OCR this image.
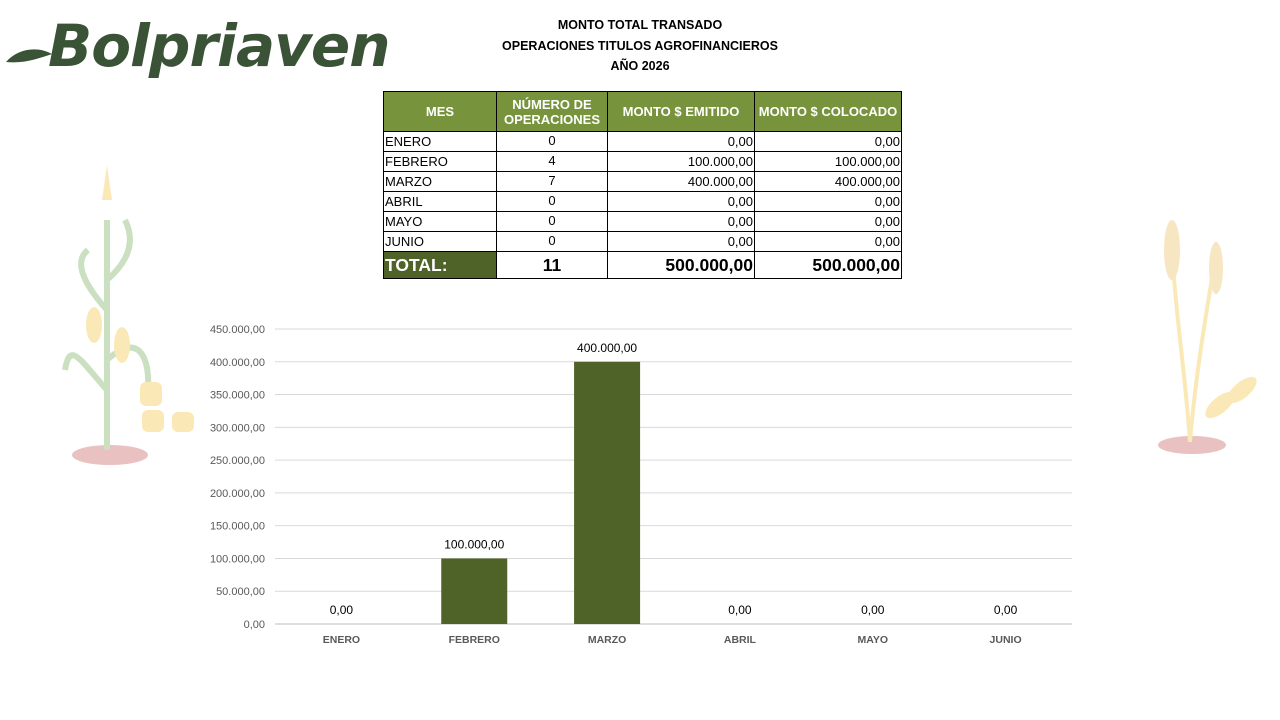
Bolpriaven	MONTO TOTAL TRANSADO
OPERACIONES TITULOS AGROFINANCIEROS
AÑO 2026
MES	NÚMERO DE OPERACIONES	MONTO $ EMITIDO	MONTO $ COLOCADO
ENERO	0	0,00	0,00
FEBRERO	4	100.000,00	100.000,00
MARZO	7	400.000,00	400.000,00
ABRIL	0	0,00	0,00
MAYO	0	0,00	0,00
JUNIO	0	0,00	0,00
TOTAL:	11	500.000,00	500.000,00
0,00
50.000,00
100.000,00
150.000,00
200.000,00
250.000,00
300.000,00
350.000,00
400.000,00
450.000,00
0,00
ENERO
100.000,00
FEBRERO
400.000,00
MARZO
0,00
ABRIL
0,00
MAYO
0,00
JUNIO
